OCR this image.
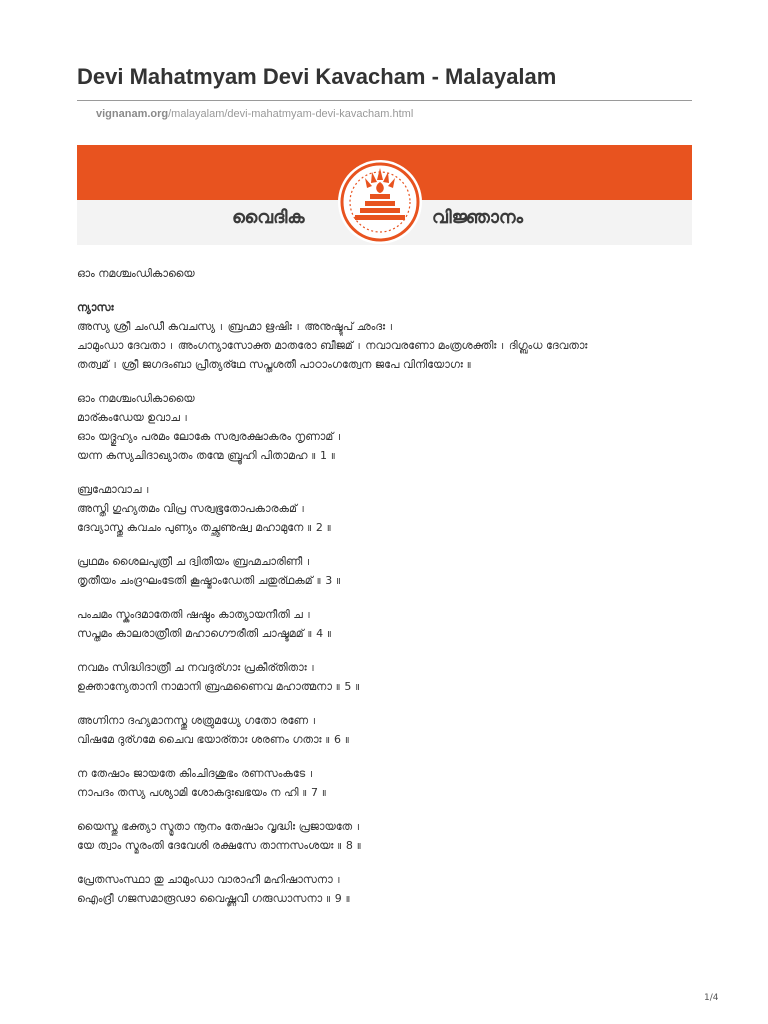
Devi Mahatmyam Devi Kavacham - Malayalam
vignanam.org/malayalam/devi-mahatmyam-devi-kavacham.html
വൈദിക	വിജ്ഞാനം
ഓം നമശ്ചംഡികായൈ
ന്യാസഃ
അസ്യ ശ്രീ ചംഡീ കവചസ്യ । ബ്രഹ്മാ ഋഷിഃ । അനുഷ്ടുപ് ഛംദഃ ।
ചാമുംഡാ ദേവതാ । അംഗന്യാസോക്ത മാതരോ ബീജമ് । നവാവരണോ മംത്രശക്തിഃ । ദിഗ്ബംധ ദേവതാഃ
തത്വമ് । ശ്രീ ജഗദംബാ പ്രീത്യര്ഥേ സപ്തശതീ പാഠാംഗത്വേന ജപേ വിനിയോഗഃ ॥
ഓം നമശ്ചംഡികായൈ
മാര്കംഡേയ ഉവാച ।
ഓം യദ്ഗുഹ്യം പരമം ലോകേ സര്വരക്ഷാകരം നൃണാമ് ।
യന്ന കസ്യചിദാഖ്യാതം തന്മേ ബ്രൂഹി പിതാമഹ ॥ 1 ॥
ബ്രഹ്മോവാച ।
അസ്തി ഗുഹ്യതമം വിപ്ര സര്വഭൂതോപകാരകമ് ।
ദേവ്യാസ്തു കവചം പുണ്യം തച്ഛൃണുഷ്വ മഹാമുനേ ॥ 2 ॥
പ്രഥമം ശൈലപുത്രീ ച ദ്വിതീയം ബ്രഹ്മചാരിണീ ।
തൃതീയം ചംദ്രഘംടേതി കൂഷ്മാംഡേതി ചതുര്ഥകമ് ॥ 3 ॥
പംചമം സ്കംദമാതേതി ഷഷ്ഠം കാത്യായനീതി ച ।
സപ്തമം കാലരാത്രീതി മഹാഗൌരീതി ചാഷ്ടമമ് ॥ 4 ॥
നവമം സിദ്ധിദാത്രീ ച നവദുര്ഗാഃ പ്രകീര്തിതാഃ ।
ഉക്താന്യേതാനി നാമാനി ബ്രഹ്മണൈവ മഹാത്മനാ ॥ 5 ॥
അഗ്നിനാ ദഹ്യമാനസ്തു ശത്രുമധ്യേ ഗതോ രണേ ।
വിഷമേ ദുര്ഗമേ ചൈവ ഭയാര്താഃ ശരണം ഗതാഃ ॥ 6 ॥
ന തേഷാം ജായതേ കിംചിദശുഭം രണസംകടേ ।
നാപദം തസ്യ പശ്യാമി ശോകദുഃഖഭയം ന ഹി ॥ 7 ॥
യൈസ്തു ഭക്ത്യാ സ്മൃതാ നൂനം തേഷാം വൃദ്ധിഃ പ്രജായതേ ।
യേ ത്വാം സ്മരംതി ദേവേശി രക്ഷസേ താന്നസംശയഃ ॥ 8 ॥
പ്രേതസംസ്ഥാ തു ചാമുംഡാ വാരാഹീ മഹിഷാസനാ ।
ഐംദ്രീ ഗജസമാരൂഢാ വൈഷ്ണവീ ഗരുഡാസനാ ॥ 9 ॥
1/4
